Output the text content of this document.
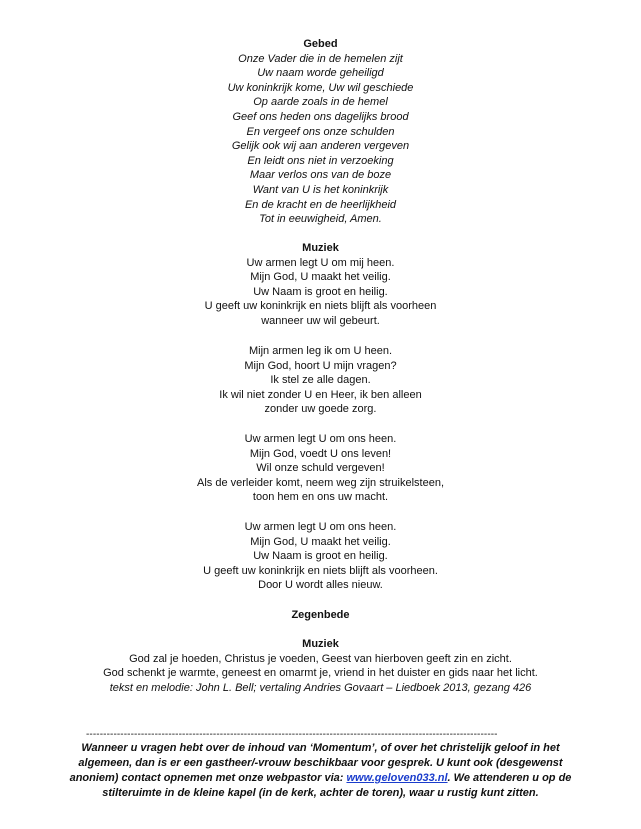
Gebed
Onze Vader die in de hemelen zijt
Uw naam worde geheiligd
Uw koninkrijk kome, Uw wil geschiede
Op aarde zoals in de hemel
Geef ons heden ons dagelijks brood
En vergeef ons onze schulden
Gelijk ook wij aan anderen vergeven
En leidt ons niet in verzoeking
Maar verlos ons van de boze
Want van U is het koninkrijk
En de kracht en de heerlijkheid
Tot in eeuwigheid, Amen.
Muziek
Uw armen legt U om mij heen.
Mijn God, U maakt het veilig.
Uw Naam is groot en heilig.
U geeft uw koninkrijk en niets blijft als voorheen
wanneer uw wil gebeurt.
Mijn armen leg ik om U heen.
Mijn God, hoort U mijn vragen?
Ik stel ze alle dagen.
Ik wil niet zonder U en Heer, ik ben alleen
zonder uw goede zorg.
Uw armen legt U om ons heen.
Mijn God, voedt U ons leven!
Wil onze schuld vergeven!
Als de verleider komt, neem weg zijn struikelsteen,
toon hem en ons uw macht.
Uw armen legt U om ons heen.
Mijn God, U maakt het veilig.
Uw Naam is groot en heilig.
U geeft uw koninkrijk en niets blijft als voorheen.
Door U wordt alles nieuw.
Zegenbede
Muziek
God zal je hoeden, Christus je voeden, Geest van hierboven geeft zin en zicht.
God schenkt je warmte, geneest en omarmt je, vriend in het duister en gids naar het licht.
tekst en melodie: John L. Bell; vertaling Andries Govaart – Liedboek 2013, gezang 426
------------------------------------------------------------------------------------------------------------------------
Wanneer u vragen hebt over de inhoud van ‘Momentum’, of over het christelijk geloof in het algemeen, dan is er een gastheer/-vrouw beschikbaar voor gesprek. U kunt ook (desgewenst anoniem) contact opnemen met onze webpastor via: www.geloven033.nl. We attenderen u op de stilteruimte in de kleine kapel (in de kerk, achter de toren), waar u rustig kunt zitten.
